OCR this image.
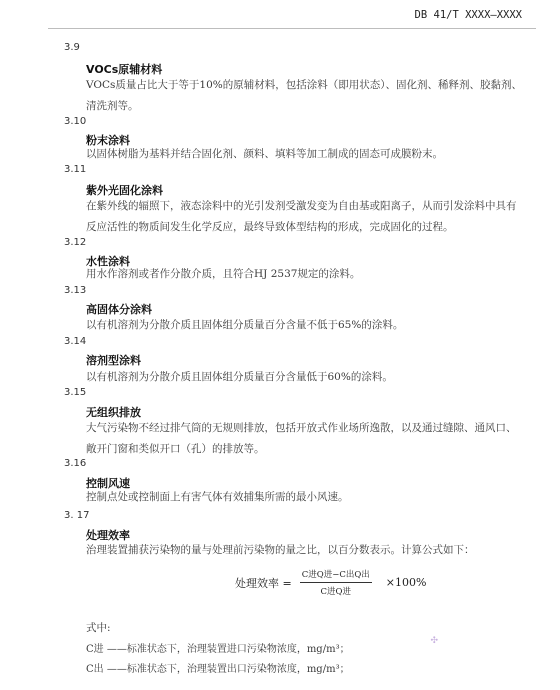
DB 41/T XXXX—XXXX
3.9
VOCs原辅材料
VOCs质量占比大于等于10%的原辅材料，包括涂料（即用状态）、固化剂、稀释剂、胶黏剂、清洗剂等。
3.10
粉末涂料
以固体树脂为基料并结合固化剂、颜料、填料等加工制成的固态可成膜粉末。
3.11
紫外光固化涂料
在紫外线的辐照下，液态涂料中的光引发剂受激发变为自由基或阳离子，从而引发涂料中具有反应活性的物质间发生化学反应，最终导致体型结构的形成，完成固化的过程。
3.12
水性涂料
用水作溶剂或者作分散介质，且符合HJ 2537规定的涂料。
3.13
高固体分涂料
以有机溶剂为分散介质且固体组分质量百分含量不低于65%的涂料。
3.14
溶剂型涂料
以有机溶剂为分散介质且固体组分质量百分含量低于60%的涂料。
3.15
无组织排放
大气污染物不经过排气筒的无规则排放，包括开放式作业场所逸散，以及通过缝隙、通风口、敞开门窗和类似开口（孔）的排放等。
3.16
控制风速
控制点处或控制面上有害气体有效捕集所需的最小风速。
3. 17
处理效率
治理装置捕获污染物的量与处理前污染物的量之比，以百分数表示。计算公式如下：
处理效率 = $\frac{\text{C进Q进−C出Q出}}{\text{C进Q进}} \times 100\%$
式中:
C进 ——标准状态下，治理装置进口污染物浓度，mg/m³；
C出 ——标准状态下，治理装置出口污染物浓度，mg/m³；
✣
